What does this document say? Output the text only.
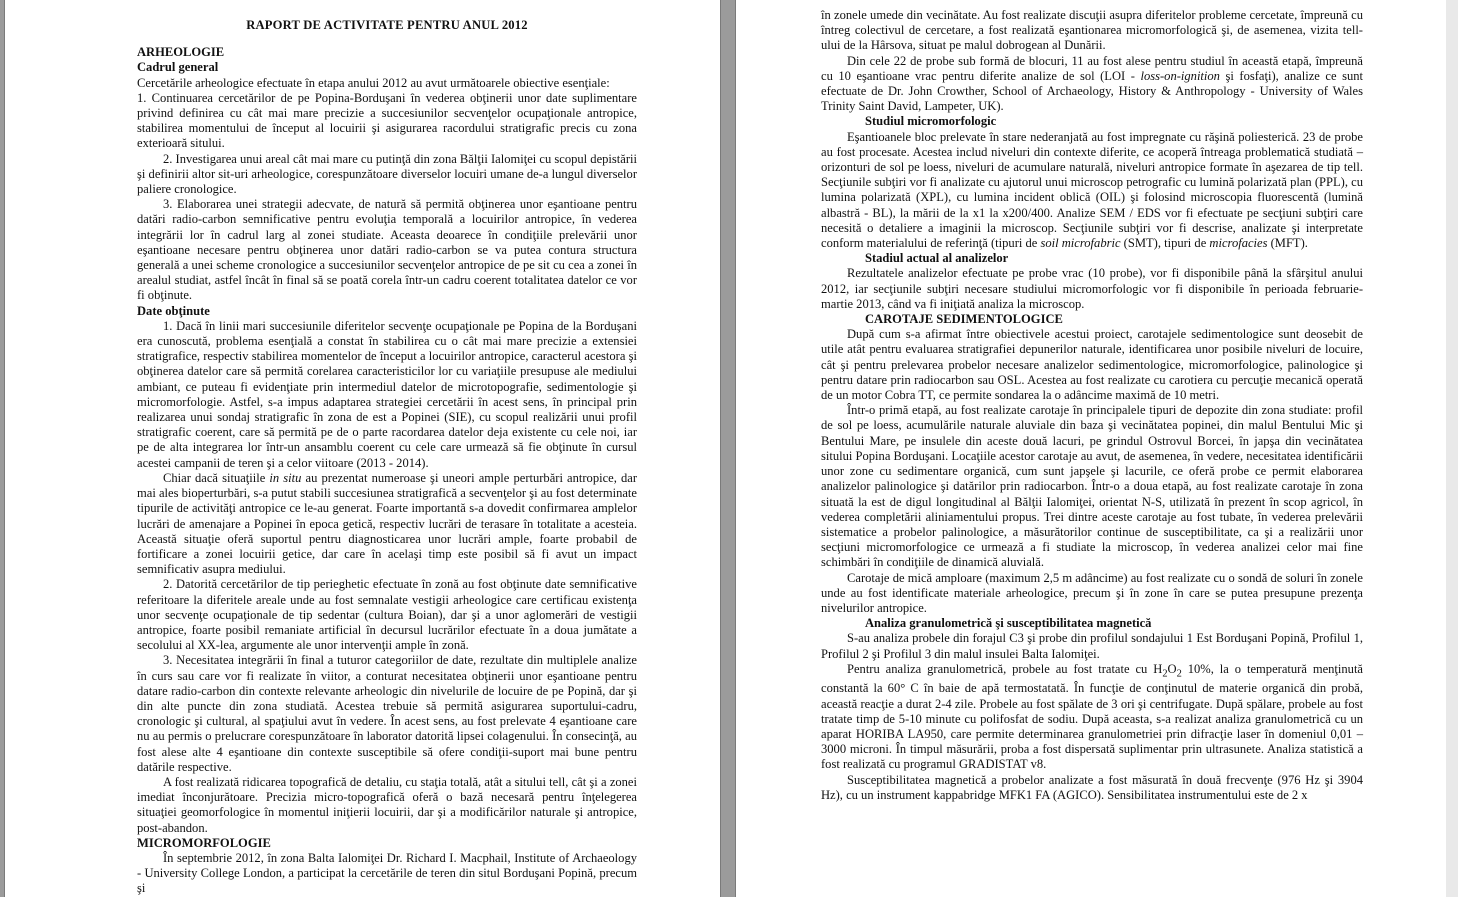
RAPORT DE ACTIVITATE PENTRU ANUL 2012

ARHEOLOGIE

Cadrul general

Cercetările arheologice efectuate în etapa anului 2012 au avut următoarele obiective esenţiale:

1. Continuarea cercetărilor de pe Popina-Borduşani în vederea obţinerii unor date suplimentare privind definirea cu cât mai mare precizie a succesiunilor secvenţelor ocupaţionale antropice, stabilirea momentului de început al locuirii şi asigurarea racordului stratigrafic precis cu zona exterioară sitului.

2. Investigarea unui areal cât mai mare cu putinţă din zona Bălţii Ialomiţei cu scopul depistării şi definirii altor sit-uri arheologice, corespunzătoare diverselor locuiri umane de-a lungul diverselor paliere cronologice.

3. Elaborarea unei strategii adecvate, de natură să permită obţinerea unor eşantioane pentru datări radio-carbon semnificative pentru evoluţia temporală a locuirilor antropice, în vederea integrării lor în cadrul larg al zonei studiate. Aceasta deoarece în condiţiile prelevării unor eşantioane necesare pentru obţinerea unor datări radio-carbon se va putea contura structura generală a unei scheme cronologice a succesiunilor secvenţelor antropice de pe sit cu cea a zonei în arealul studiat, astfel încât în final să se poată corela într-un cadru coerent totalitatea datelor ce vor fi obţinute.

Date obţinute

1. Dacă în linii mari succesiunile diferitelor secvenţe ocupaţionale pe Popina de la Borduşani era cunoscută, problema esenţială a constat în stabilirea cu o cât mai mare precizie a extensiei stratigrafice, respectiv stabilirea momentelor de început a locuirilor antropice, caracterul acestora şi obţinerea datelor care să permită corelarea caracteristicilor lor cu variaţiile presupuse ale mediului ambiant, ce puteau fi evidenţiate prin intermediul datelor de microtopografie, sedimentologie şi micromorfologie. Astfel, s-a impus adaptarea strategiei cercetării în acest sens, în principal prin realizarea unui sondaj stratigrafic în zona de est a Popinei (SIE), cu scopul realizării unui profil stratigrafic coerent, care să permită pe de o parte racordarea datelor deja existente cu cele noi, iar pe de alta integrarea lor într-un ansamblu coerent cu cele care urmează să fie obţinute în cursul acestei campanii de teren şi a celor viitoare (2013 - 2014).

Chiar dacă situaţiile in situ au prezentat numeroase şi uneori ample perturbări antropice, dar mai ales bioperturbări, s-a putut stabili succesiunea stratigrafică a secvenţelor şi au fost determinate tipurile de activităţi antropice ce le-au generat. Foarte importantă s-a dovedit confirmarea amplelor lucrări de amenajare a Popinei în epoca getică, respectiv lucrări de terasare în totalitate a acesteia. Această situaţie oferă suportul pentru diagnosticarea unor lucrări ample, foarte probabil de fortificare a zonei locuirii getice, dar care în acelaşi timp este posibil să fi avut un impact semnificativ asupra mediului.

2. Datorită cercetărilor de tip perieghetic efectuate în zonă au fost obţinute date semnificative referitoare la diferitele areale unde au fost semnalate vestigii arheologice care certificau existenţa unor secvenţe ocupaţionale de tip sedentar (cultura Boian), dar şi a unor aglomerări de vestigii antropice, foarte posibil remaniate artificial în decursul lucrărilor efectuate în a doua jumătate a secolului al XX-lea, argumente ale unor intervenţii ample în zonă.

3. Necesitatea integrării în final a tuturor categoriilor de date, rezultate din multiplele analize în curs sau care vor fi realizate în viitor, a conturat necesitatea obţinerii unor eşantioane pentru datare radio-carbon din contexte relevante arheologic din nivelurile de locuire de pe Popină, dar şi din alte puncte din zona studiată. Acestea trebuie să permită asigurarea suportului-cadru, cronologic şi cultural, al spaţiului avut în vedere. În acest sens, au fost prelevate 4 eşantioane care nu au permis o prelucrare corespunzătoare în laborator datorită lipsei colagenului. În consecinţă, au fost alese alte 4 eşantioane din contexte susceptibile să ofere condiţii-suport mai bune pentru datările respective.

A fost realizată ridicarea topografică de detaliu, cu staţia totală, atât a sitului tell, cât şi a zonei imediat înconjurătoare. Precizia micro-topografică oferă o bază necesară pentru înţelegerea situaţiei geomorfologice în momentul iniţierii locuirii, dar şi a modificărilor naturale şi antropice, post-abandon.

MICROMORFOLOGIE

În septembrie 2012, în zona Balta Ialomiţei Dr. Richard I. Macphail, Institute of Archaeology - University College London, a participat la cercetările de teren din situl Borduşani Popină, precum şi

în zonele umede din vecinătate. Au fost realizate discuţii asupra diferitelor probleme cercetate, împreună cu întreg colectivul de cercetare, a fost realizată eşantionarea micromorfologică şi, de asemenea, vizita tell-ului de la Hârsova, situat pe malul dobrogean al Dunării.

Din cele 22 de probe sub formă de blocuri, 11 au fost alese pentru studiul în această etapă, împreună cu 10 eşantioane vrac pentru diferite analize de sol (LOI - loss-on-ignition şi fosfaţi), analize ce sunt efectuate de Dr. John Crowther, School of Archaeology, History & Anthropology - University of Wales Trinity Saint David, Lampeter, UK).

Studiul micromorfologic

Eşantioanele bloc prelevate în stare nederanjată au fost impregnate cu răşină poliesterică. 23 de probe au fost procesate. Acestea includ niveluri din contexte diferite, ce acoperă întreaga problematică studiată – orizonturi de sol pe loess, niveluri de acumulare naturală, niveluri antropice formate în aşezarea de tip tell. Secţiunile subţiri vor fi analizate cu ajutorul unui microscop petrografic cu lumină polarizată plan (PPL), cu lumina polarizată (XPL), cu lumina incident oblică (OIL) şi folosind microscopia fluorescentă (lumină albastră - BL), la mării de la x1 la x200/400. Analize SEM / EDS vor fi efectuate pe secţiuni subţiri care necesită o detaliere a imaginii la microscop. Secţiunile subţiri vor fi descrise, analizate şi interpretate conform materialului de referinţă (tipuri de soil microfabric (SMT), tipuri de microfacies (MFT).

Stadiul actual al analizelor

Rezultatele analizelor efectuate pe probe vrac (10 probe), vor fi disponibile până la sfârşitul anului 2012, iar secţiunile subţiri necesare studiului micromorfologic vor fi disponibile în perioada februarie-martie 2013, când va fi iniţiată analiza la microscop.

CAROTAJE SEDIMENTOLOGICE

După cum s-a afirmat între obiectivele acestui proiect, carotajele sedimentologice sunt deosebit de utile atât pentru evaluarea stratigrafiei depunerilor naturale, identificarea unor posibile niveluri de locuire, cât şi pentru prelevarea probelor necesare analizelor sedimentologice, micromorfologice, palinologice şi pentru datare prin radiocarbon sau OSL. Acestea au fost realizate cu carotiera cu percuţie mecanică operată de un motor Cobra TT, ce permite sondarea la o adâncime maximă de 10 metri.

Într-o primă etapă, au fost realizate carotaje în principalele tipuri de depozite din zona studiate: profil de sol pe loess, acumulările naturale aluviale din baza şi vecinătatea popinei, din malul Bentului Mic şi Bentului Mare, pe insulele din aceste două lacuri, pe grindul Ostrovul Borcei, în japşa din vecinătatea sitului Popina Borduşani. Locaţiile acestor carotaje au avut, de asemenea, în vedere, necesitatea identificării unor zone cu sedimentare organică, cum sunt japşele şi lacurile, ce oferă probe ce permit elaborarea analizelor palinologice şi datărilor prin radiocarbon. Într-o a doua etapă, au fost realizate carotaje în zona situată la est de digul longitudinal al Bălţii Ialomiţei, orientat N-S, utilizată în prezent în scop agricol, în vederea completării aliniamentului propus. Trei dintre aceste carotaje au fost tubate, în vederea prelevării sistematice a probelor palinologice, a măsurătorilor continue de susceptibilitate, ca şi a realizării unor secţiuni micromorfologice ce urmează a fi studiate la microscop, în vederea analizei celor mai fine schimbări în condiţiile de dinamică aluvială.

Carotaje de mică amploare (maximum 2,5 m adâncime) au fost realizate cu o sondă de soluri în zonele unde au fost identificate materiale arheologice, precum şi în zone în care se putea presupune prezenţa nivelurilor antropice.

Analiza granulometrică şi susceptibilitatea magnetică

S-au analiza probele din forajul C3 şi probe din profilul sondajului 1 Est Borduşani Popină, Profilul 1, Profilul 2 şi Profilul 3 din malul insulei Balta Ialomiţei.

Pentru analiza granulometrică, probele au fost tratate cu $H_2O_2$ 10%, la o temperatură menţinută constantă la 60° C în baie de apă termostatată. În funcţie de conţinutul de materie organică din probă, această reacţie a durat 2-4 zile. Probele au fost spălate de 3 ori şi centrifugate. După spălare, probele au fost tratate timp de 5-10 minute cu polifosfat de sodiu. După aceasta, s-a realizat analiza granulometrică cu un aparat HORIBA LA950, care permite determinarea granulometriei prin difracţie laser în domeniul 0,01 – 3000 microni. În timpul măsurării, proba a fost dispersată suplimentar prin ultrasunete. Analiza statistică a fost realizată cu programul GRADISTAT v8.

Susceptibilitatea magnetică a probelor analizate a fost măsurată în două frecvenţe (976 Hz şi 3904 Hz), cu un instrument kappabridge MFK1 FA (AGICO). Sensibilitatea instrumentului este de 2 x
